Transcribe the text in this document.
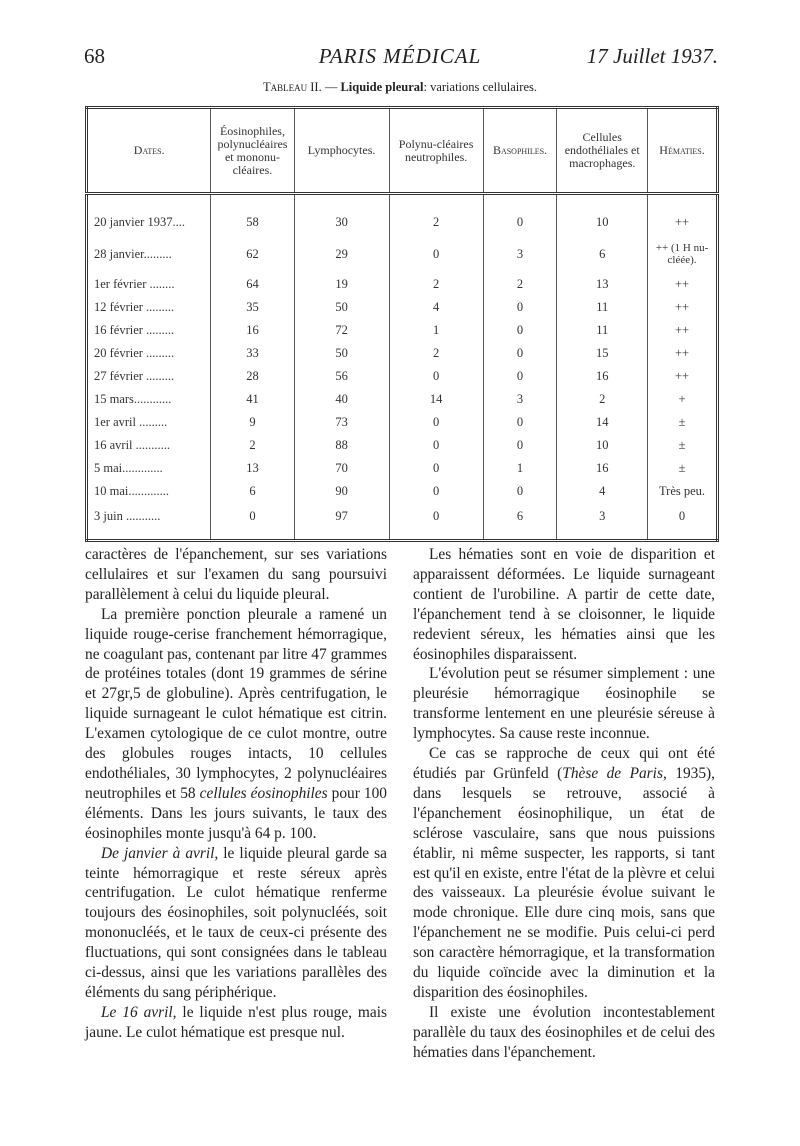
68	PARIS MÉDICAL	17 Juillet 1937.
Tableau II. — Liquide pleural: variations cellulaires.
Dates.	Éosinophiles, polynucléaires et mononu-cléaires.	Lymphocytes.	Polynu-cléaires neutrophiles.	Basophiles.	Cellules endothéliales et macrophages.	Hématies.
20 janvier 1937....	58	30	2	0	10	++
28 janvier.........	62	29	0	3	6	++ (1 H nu-clééе).
1er février ........	64	19	2	2	13	++
12 février .........	35	50	4	0	11	++
16 février .........	16	72	1	0	11	++
20 février .........	33	50	2	0	15	++
27 février .........	28	56	0	0	16	++
15 mars............	41	40	14	3	2	+
1er avril .........	9	73	0	0	14	±
16 avril ...........	2	88	0	0	10	±
5 mai.............	13	70	0	1	16	±
10 mai.............	6	90	0	0	4	Très peu.
3 juin ...........	0	97	0	6	3	0

caractères de l'épanchement, sur ses variations cellulaires et sur l'examen du sang poursuivi parallèlement à celui du liquide pleural.

La première ponction pleurale a ramené un liquide rouge-cerise franchement hémorragique, ne coagulant pas, contenant par litre 47 grammes de protéines totales (dont 19 grammes de sérine et 27gr,5 de globuline). Après centrifugation, le liquide surnageant le culot hématique est citrin. L'examen cytologique de ce culot montre, outre des globules rouges intacts, 10 cellules endothéliales, 30 lymphocytes, 2 polynucléaires neutrophiles et 58 cellules éosinophiles pour 100 éléments. Dans les jours suivants, le taux des éosinophiles monte jusqu'à 64 p. 100.

De janvier à avril, le liquide pleural garde sa teinte hémorragique et reste séreux après centrifugation. Le culot hématique renferme toujours des éosinophiles, soit polynucléés, soit mononucléés, et le taux de ceux-ci présente des fluctuations, qui sont consignées dans le tableau ci-dessus, ainsi que les variations parallèles des éléments du sang périphérique.

Le 16 avril, le liquide n'est plus rouge, mais jaune. Le culot hématique est presque nul.

Les hématies sont en voie de disparition et apparaissent déformées. Le liquide surnageant contient de l'urobiline. A partir de cette date, l'épanchement tend à se cloisonner, le liquide redevient séreux, les hématies ainsi que les éosinophiles disparaissent.

L'évolution peut se résumer simplement : une pleurésie hémorragique éosinophile se transforme lentement en une pleurésie séreuse à lymphocytes. Sa cause reste inconnue.

Ce cas se rapproche de ceux qui ont été étudiés par Grünfeld (Thèse de Paris, 1935), dans lesquels se retrouve, associé à l'épanchement éosinophilique, un état de sclérose vasculaire, sans que nous puissions établir, ni même suspecter, les rapports, si tant est qu'il en existe, entre l'état de la plèvre et celui des vaisseaux. La pleurésie évolue suivant le mode chronique. Elle dure cinq mois, sans que l'épanchement ne se modifie. Puis celui-ci perd son caractère hémorragique, et la transformation du liquide coïncide avec la diminution et la disparition des éosinophiles.

Il existe une évolution incontestablement parallèle du taux des éosinophiles et de celui des hématies dans l'épanchement.
